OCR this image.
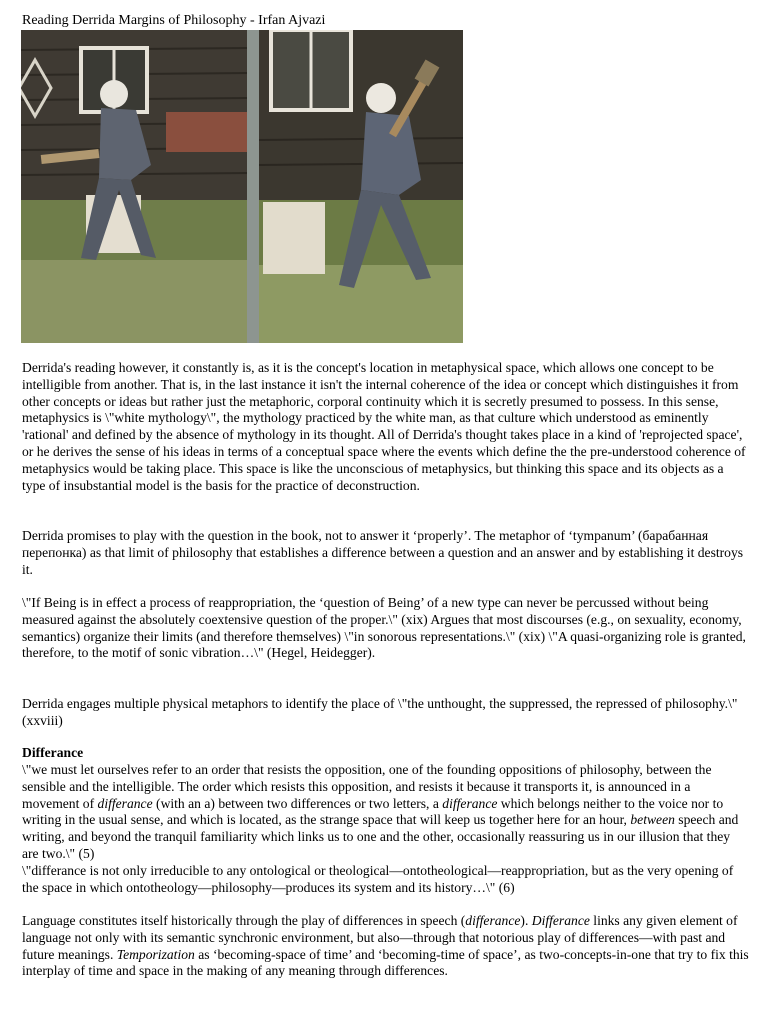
Reading Derrida Margins of Philosophy - Irfan Ajvazi

Derrida's reading however, it constantly is, as it is the concept's location in metaphysical space, which allows one concept to be intelligible from another. That is, in the last instance it isn't the internal coherence of the idea or concept which distinguishes it from other concepts or ideas but rather just the metaphoric, corporal continuity which it is secretly presumed to possess. In this sense, metaphysics is \"white mythology\", the mythology practiced by the white man, as that culture which understood as eminently 'rational' and defined by the absence of mythology in its thought. All of Derrida's thought takes place in a kind of 'reprojected space', or he derives the sense of his ideas in terms of a conceptual space where the events which define the the pre-understood coherence of metaphysics would be taking place. This space is like the unconscious of metaphysics, but thinking this space and its objects as a type of insubstantial model is the basis for the practice of deconstruction.

Derrida promises to play with the question in the book, not to answer it ‘properly’. The metaphor of ‘tympanum’ (барабанная перепонка) as that limit of philosophy that establishes a difference between a question and an answer and by establishing it destroys it.

\"If Being is in effect a process of reappropriation, the ‘question of Being’ of a new type can never be percussed without being measured against the absolutely coextensive question of the proper.\" (xix) Argues that most discourses (e.g., on sexuality, economy, semantics) organize their limits (and therefore themselves) \"in sonorous representations.\" (xix) \"A quasi-organizing role is granted, therefore, to the motif of sonic vibration…\" (Hegel, Heidegger).

Derrida engages multiple physical metaphors to identify the place of \"the unthought, the suppressed, the repressed of philosophy.\" (xxviii)

Differance

\"we must let ourselves refer to an order that resists the opposition, one of the founding oppositions of philosophy, between the sensible and the intelligible. The order which resists this opposition, and resists it because it transports it, is announced in a movement of differance (with an a) between two differences or two letters, a differance which belongs neither to the voice nor to writing in the usual sense, and which is located, as the strange space that will keep us together here for an hour, between speech and writing, and beyond the tranquil familiarity which links us to one and the other, occasionally reassuring us in our illusion that they are two.\" (5)

\"differance is not only irreducible to any ontological or theological—ontotheological—reappropriation, but as the very opening of the space in which ontotheology—philosophy—produces its system and its history…\" (6)

Language constitutes itself historically through the play of differences in speech (differance). Differance links any given element of language not only with its semantic synchronic environment, but also—through that notorious play of differences—with past and future meanings. Temporization as ‘becoming-space of time’ and ‘becoming-time of space’, as two-concepts-in-one that try to fix this interplay of time and space in the making of any meaning through differences.
